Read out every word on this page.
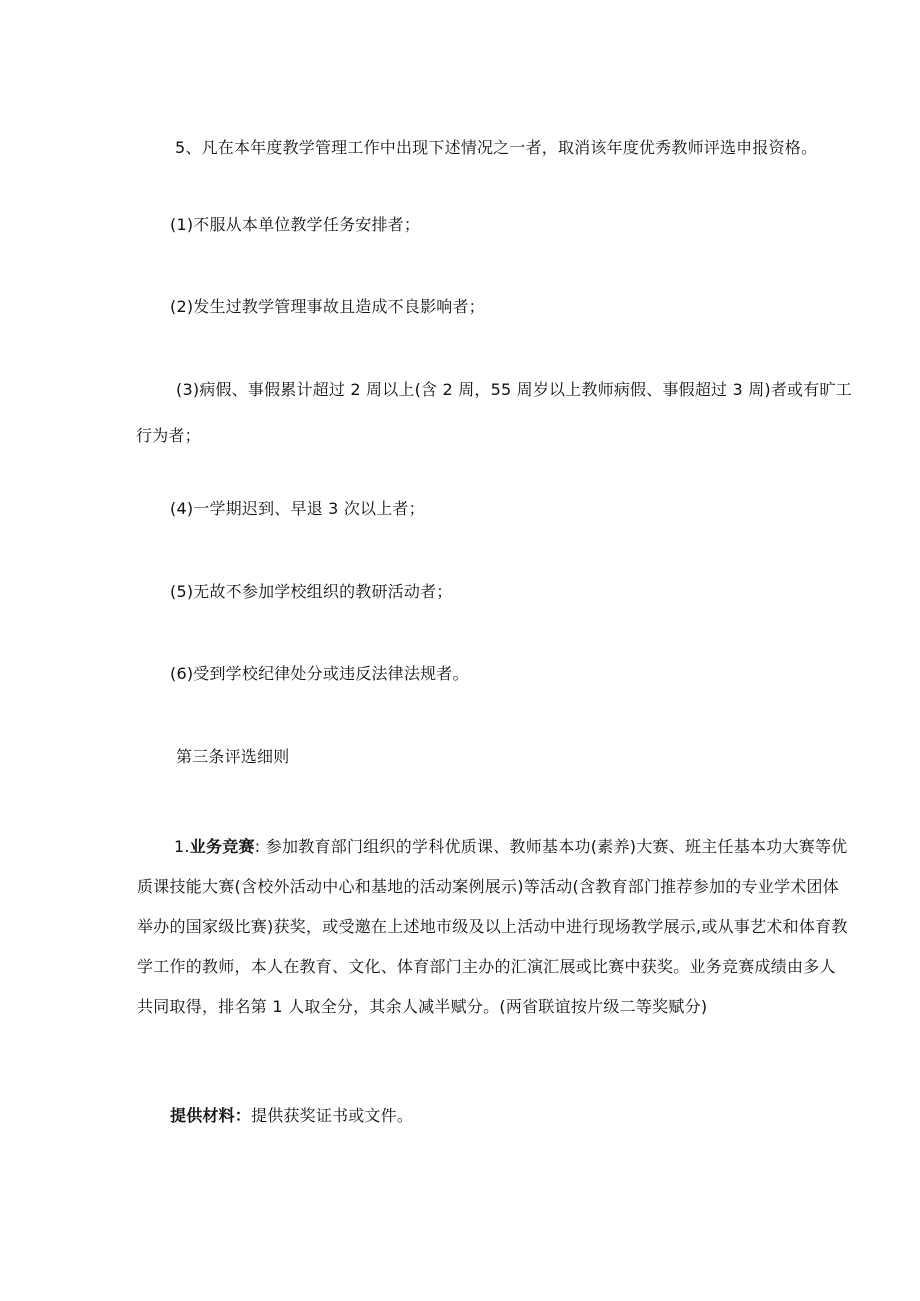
5、凡在本年度教学管理工作中出现下述情况之一者，取消该年度优秀教师评选申报资格。

(1)不服从本单位教学任务安排者；

(2)发生过教学管理事故且造成不良影响者；

(3)病假、事假累计超过 2 周以上(含 2 周，55 周岁以上教师病假、事假超过 3 周)者或有旷工

行为者；

(4)一学期迟到、早退 3 次以上者；

(5)无故不参加学校组织的教研活动者；

(6)受到学校纪律处分或违反法律法规者。

第三条评选细则

1.业务竞赛: 参加教育部门组织的学科优质课、教师基本功(素养)大赛、班主任基本功大赛等优
质课技能大赛(含校外活动中心和基地的活动案例展示)等活动(含教育部门推荐参加的专业学术团体
举办的国家级比赛)获奖，或受邀在上述地市级及以上活动中进行现场教学展示,或从事艺术和体育教
学工作的教师，本人在教育、文化、体育部门主办的汇演汇展或比赛中获奖。业务竞赛成绩由多人
共同取得，排名第 1 人取全分，其余人减半赋分。(两省联谊按片级二等奖赋分)

提供材料：提供获奖证书或文件。
